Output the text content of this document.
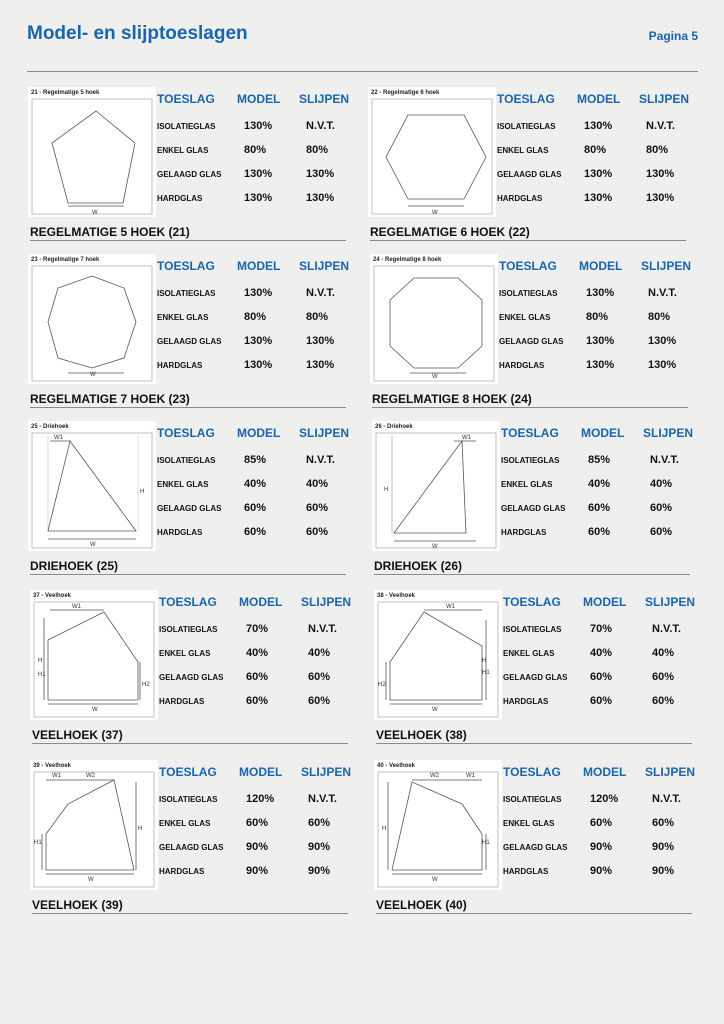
Model- en slijptoeslagen	Pagina 5
W
21 - Regelmatige 5 hoek	TOESLAG MODEL SLIJPEN
ISOLATIEGLAS	130%	N.V.T.
ENKEL GLAS	80%	80%
GELAAGD GLAS 130%	130%
HARDGLAS	130%	130%
REGELMATIGE 5 HOEK (21)
W
22 - Regelmatige 6 hoek	TOESLAG MODEL SLIJPEN
ISOLATIEGLAS	130%	N.V.T.
ENKEL GLAS	80%	80%
GELAAGD GLAS 130%	130%
HARDGLAS	130%	130%
REGELMATIGE 6 HOEK (22)
W
23 - Regelmatige 7 hoek	TOESLAG MODEL SLIJPEN
ISOLATIEGLAS	130%	N.V.T.
ENKEL GLAS	80%	80%
GELAAGD GLAS 130%	130%
HARDGLAS	130%	130%
REGELMATIGE 7 HOEK (23)
W
24 - Regelmatige 8 hoek	TOESLAG MODEL SLIJPEN
ISOLATIEGLAS	130%	N.V.T.
ENKEL GLAS	80%	80%
GELAAGD GLAS 130%	130%
HARDGLAS	130%	130%
REGELMATIGE 8 HOEK (24)
W1
H
W
25 - Driehoek	TOESLAG MODEL SLIJPEN
ISOLATIEGLAS	85%	N.V.T.
ENKEL GLAS	40%	40%
GELAAGD GLAS 60%	60%
HARDGLAS	60%	60%
DRIEHOEK (25)
W1
H
W
26 - Driehoek	TOESLAG MODEL SLIJPEN
ISOLATIEGLAS	85%	N.V.T.
ENKEL GLAS	40%	40%
GELAAGD GLAS 60%	60%
HARDGLAS	60%	60%
DRIEHOEK (26)
W1
H
H1
H2
W
37 - Veelhoek	TOESLAG MODEL SLIJPEN
ISOLATIEGLAS	70%	N.V.T.
ENKEL GLAS	40%	40%
GELAAGD GLAS 60%	60%
HARDGLAS	60%	60%
VEELHOEK (37)
W1
H
H1
H2
W
38 - Veelhoek	TOESLAG MODEL SLIJPEN
ISOLATIEGLAS	70%	N.V.T.
ENKEL GLAS	40%	40%
GELAAGD GLAS 60%	60%
HARDGLAS	60%	60%
VEELHOEK (38)
W1	W2
H
H1
W
39 - Veelhoek	TOESLAG MODEL SLIJPEN
ISOLATIEGLAS	120%	N.V.T.
ENKEL GLAS	60%	60%
GELAAGD GLAS 90%	90%
HARDGLAS	90%	90%
VEELHOEK (39)
W2	W1
H
H1
W
40 - Veelhoek	TOESLAG MODEL SLIJPEN
ISOLATIEGLAS	120%	N.V.T.
ENKEL GLAS	60%	60%
GELAAGD GLAS 90%	90%
HARDGLAS	90%	90%
VEELHOEK (40)
